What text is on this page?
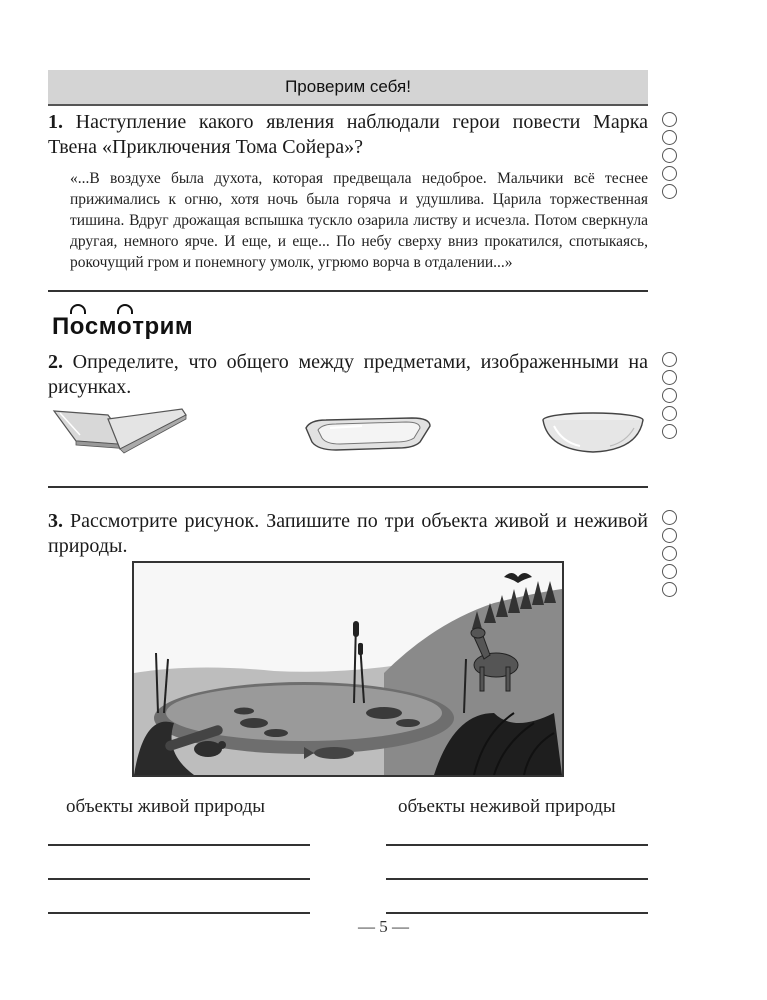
Проверим себя!
1. Наступление какого явления наблюдали герои повести Марка Твена «Приключения Тома Сойера»?
«...В воздухе была духота, которая предвещала недоброе. Мальчики всё теснее прижимались к огню, хотя ночь была горяча и удушлива. Царила торжественная тишина. Вдруг дрожащая вспышка тускло озарила листву и исчезла. Потом сверкнула другая, немного ярче. И еще, и еще... По небу сверху вниз прокатился, спотыкаясь, рокочущий гром и понемногу умолк, угрюмо ворча в отдалении...»
П
осм
отрим
2. Определите, что общего между предметами, изображенными на рисунках.
3. Рассмотрите рисунок. Запишите по три объекта живой и неживой природы.
объекты живой природы	объекты неживой природы
— 5 —
